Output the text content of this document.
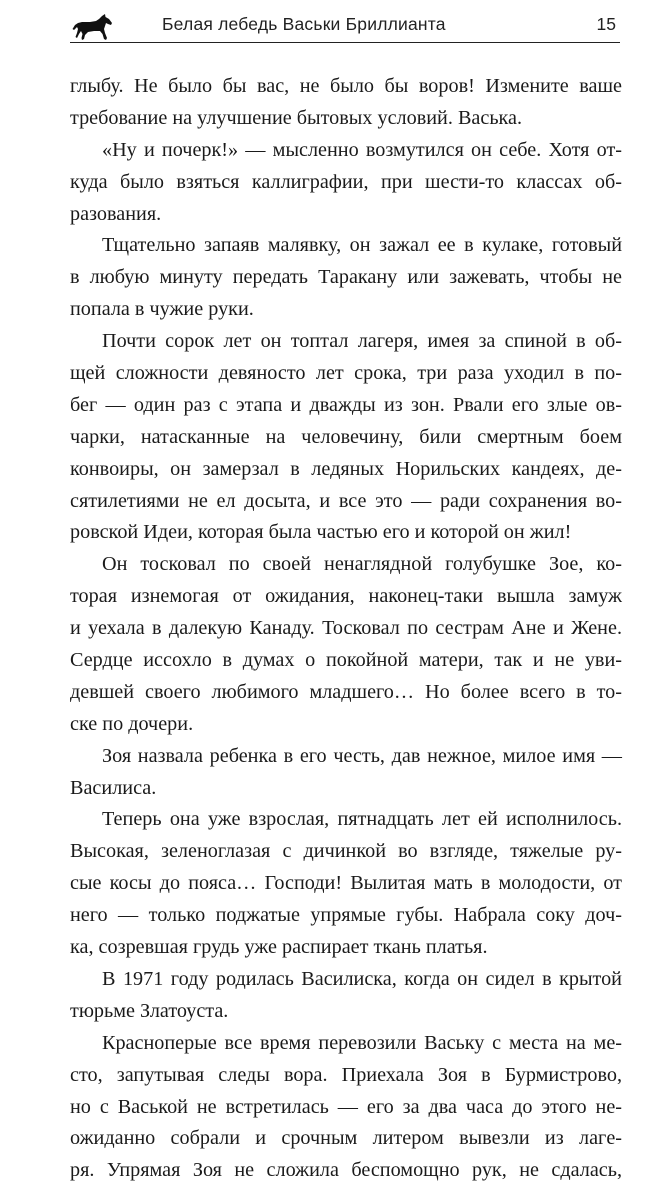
Белая лебедь Васьки Бриллианта	15
глыбу. Не было бы вас, не было бы воров! Измените ваше
требование на улучшение бытовых условий. Васька.
«Ну и почерк!» — мысленно возмутился он себе. Хотя от-
куда было взяться каллиграфии, при шести-то классах об-
разования.
Тщательно запаяв малявку, он зажал ее в кулаке, готовый
в любую минуту передать Таракану или зажевать, чтобы не
попала в чужие руки.
Почти сорок лет он топтал лагеря, имея за спиной в об-
щей сложности девяносто лет срока, три раза уходил в по-
бег — один раз с этапа и дважды из зон. Рвали его злые ов-
чарки, натасканные на человечину, били смертным боем
конвоиры, он замерзал в ледяных Норильских кандеях, де-
сятилетиями не ел досыта, и все это — ради сохранения во-
ровской Идеи, которая была частью его и которой он жил!
Он тосковал по своей ненаглядной голубушке Зое, ко-
торая изнемогая от ожидания, наконец-таки вышла замуж
и уехала в далекую Канаду. Тосковал по сестрам Ане и Жене.
Сердце иссохло в думах о покойной матери, так и не уви-
девшей своего любимого младшего… Но более всего в то-
ске по дочери.
Зоя назвала ребенка в его честь, дав нежное, милое имя —
Василиса.
Теперь она уже взрослая, пятнадцать лет ей исполнилось.
Высокая, зеленоглазая с дичинкой во взгляде, тяжелые ру-
сые косы до пояса… Господи! Вылитая мать в молодости, от
него — только поджатые упрямые губы. Набрала соку доч-
ка, созревшая грудь уже распирает ткань платья.
В 1971 году родилась Василиска, когда он сидел в крытой
тюрьме Златоуста.
Красноперые все время перевозили Ваську с места на ме-
сто, запутывая следы вора. Приехала Зоя в Бурмистрово,
но с Васькой не встретилась — его за два часа до этого не-
ожиданно собрали и срочным литером вывезли из лагe-
ря. Упрямая Зоя не сложила беспомощно рук, не сдалась,
